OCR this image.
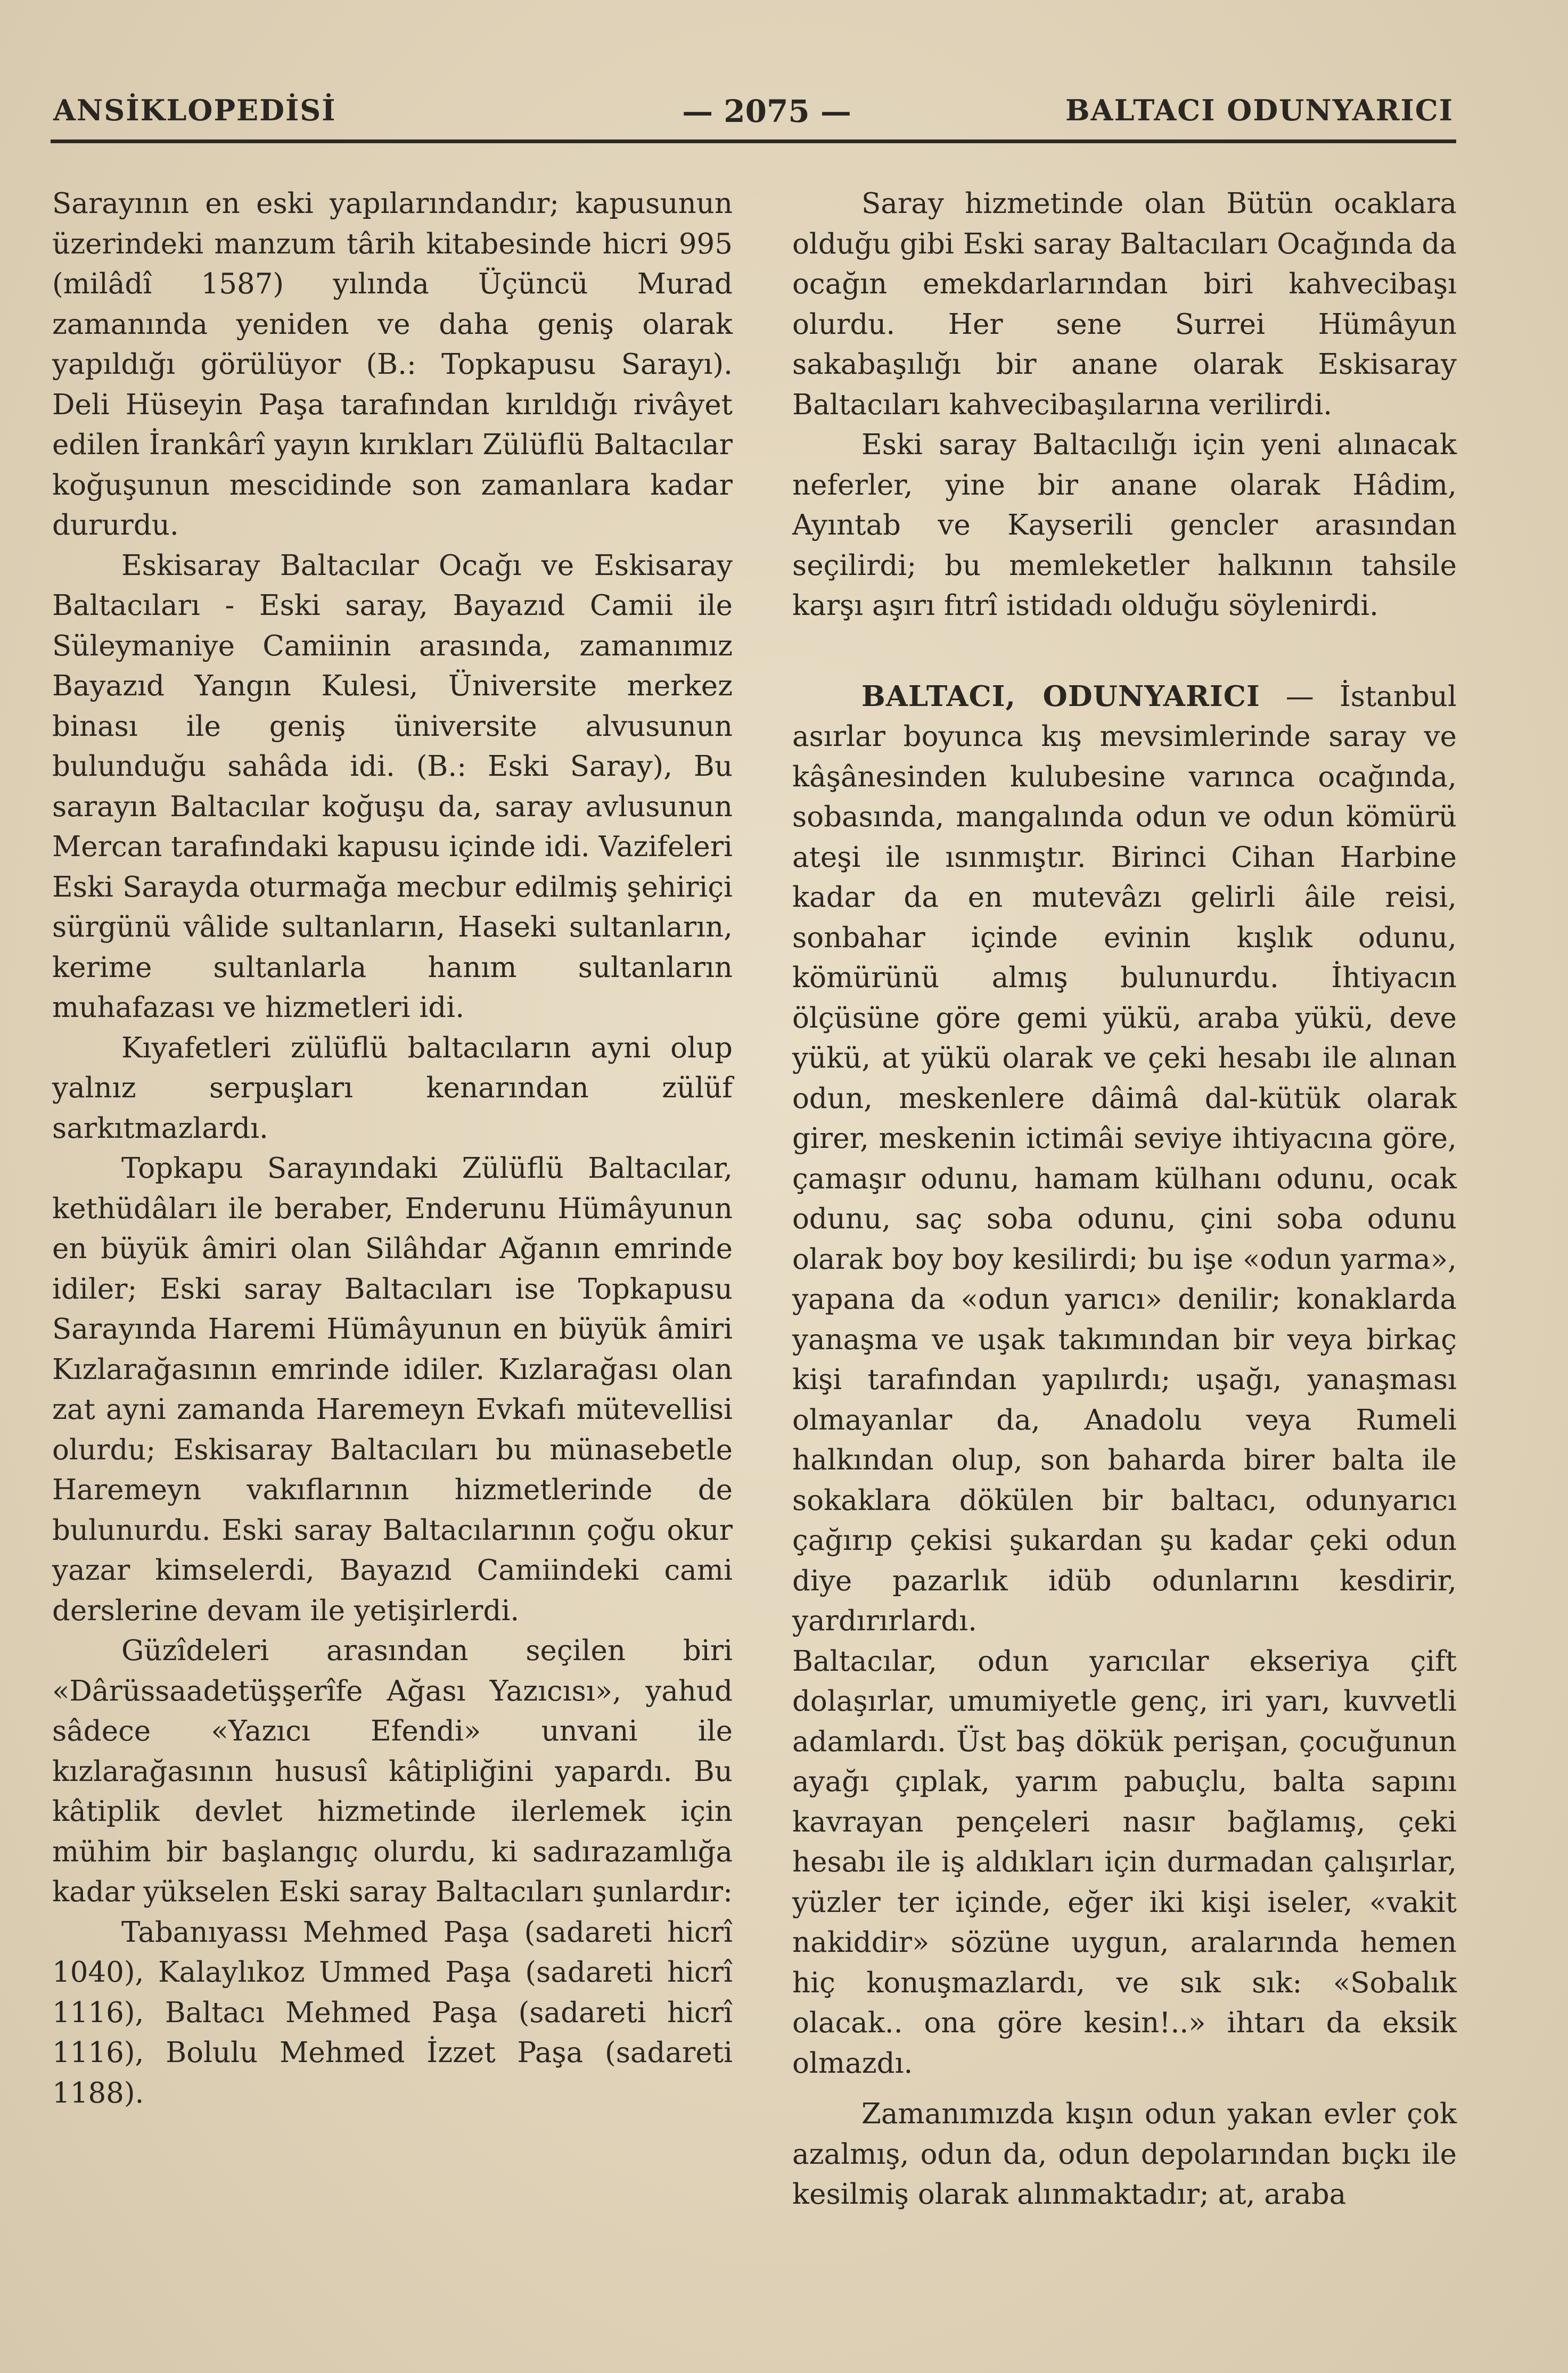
ANSİKLOPEDİSİ	— 2075 —	BALTACI ODUNYARICI

Sarayının en eski yapılarındandır; kapusunun üzerindeki manzum târih kitabesinde hicri 995 (milâdî 1587) yılında Üçüncü Murad zamanında yeniden ve daha geniş olarak yapıldığı görülüyor (B.: Topkapusu Sarayı). Deli Hüseyin Paşa tarafından kırıldığı rivâyet edilen İrankârî yayın kırıkları Zülüflü Baltacılar koğuşunun mescidinde son zamanlara kadar dururdu.

Eskisaray Baltacılar Ocağı ve Eskisaray Baltacıları - Eski saray, Bayazıd Camii ile Süleymaniye Camiinin arasında, zamanımız Bayazıd Yangın Kulesi, Üniversite merkez binası ile geniş üniversite alvusunun bulunduğu sahâda idi. (B.: Eski Saray), Bu sarayın Baltacılar koğuşu da, saray avlusunun Mercan tarafındaki kapusu içinde idi. Vazifeleri Eski Sarayda oturmağa mecbur edilmiş şehiriçi sürgünü vâlide sultanların, Haseki sultanların, kerime sultanlarla hanım sultanların muhafazası ve hizmetleri idi.

Kıyafetleri zülüflü baltacıların ayni olup yalnız serpuşları kenarından zülüf sarkıtmazlardı.

Topkapu Sarayındaki Zülüflü Baltacılar, kethüdâları ile beraber, Enderunu Hümâyunun en büyük âmiri olan Silâhdar Ağanın emrinde idiler; Eski saray Baltacıları ise Topkapusu Sarayında Haremi Hümâyunun en büyük âmiri Kızlarağasının emrinde idiler. Kızlarağası olan zat ayni zamanda Haremeyn Evkafı mütevellisi olurdu; Eskisaray Baltacıları bu münasebetle Haremeyn vakıflarının hizmetlerinde de bulunurdu. Eski saray Baltacılarının çoğu okur yazar kimselerdi, Bayazıd Camiindeki cami derslerine devam ile yetişirlerdi.

Güzîdeleri arasından seçilen biri «Dârüssaadetüşşerîfe Ağası Yazıcısı», yahud sâdece «Yazıcı Efendi» unvani ile kızlarağasının hususî kâtipliğini yapardı. Bu kâtiplik devlet hizmetinde ilerlemek için mühim bir başlangıç olurdu, ki sadırazamlığa kadar yükselen Eski saray Baltacıları şunlardır:

Tabanıyassı Mehmed Paşa (sadareti hicrî 1040), Kalaylıkoz Ummed Paşa (sadareti hicrî 1116), Baltacı Mehmed Paşa (sadareti hicrî 1116), Bolulu Mehmed İzzet Paşa (sadareti 1188).

Saray hizmetinde olan Bütün ocaklara olduğu gibi Eski saray Baltacıları Ocağında da ocağın emekdarlarından biri kahvecibaşı olurdu. Her sene Surrei Hümâyun sakabaşılığı bir anane olarak Eskisaray Baltacıları kahvecibaşılarına verilirdi.

Eski saray Baltacılığı için yeni alınacak neferler, yine bir anane olarak Hâdim, Ayıntab ve Kayserili gencler arasından seçilirdi; bu memleketler halkının tahsile karşı aşırı fıtrî istidadı olduğu söylenirdi.

BALTACI, ODUNYARICI — İstanbul asırlar boyunca kış mevsimlerinde saray ve kâşânesinden kulubesine varınca ocağında, sobasında, mangalında odun ve odun kömürü ateşi ile ısınmıştır. Birinci Cihan Harbine kadar da en mutevâzı gelirli âile reisi, sonbahar içinde evinin kışlık odunu, kömürünü almış bulunurdu. İhtiyacın ölçüsüne göre gemi yükü, araba yükü, deve yükü, at yükü olarak ve çeki hesabı ile alınan odun, meskenlere dâimâ dal-kütük olarak girer, meskenin ictimâi seviye ihtiyacına göre, çamaşır odunu, hamam külhanı odunu, ocak odunu, saç soba odunu, çini soba odunu olarak boy boy kesilirdi; bu işe «odun yarma», yapana da «odun yarıcı» denilir; konaklarda yanaşma ve uşak takımından bir veya birkaç kişi tarafından yapılırdı; uşağı, yanaşması olmayanlar da, Anadolu veya Rumeli halkından olup, son baharda birer balta ile sokaklara dökülen bir baltacı, odunyarıcı çağırıp çekisi şukardan şu kadar çeki odun diye pazarlık idüb odunlarını kesdirir, yardırırlardı.

Baltacılar, odun yarıcılar ekseriya çift dolaşırlar, umumiyetle genç, iri yarı, kuvvetli adamlardı. Üst baş dökük perişan, çocuğunun ayağı çıplak, yarım pabuçlu, balta sapını kavrayan pençeleri nasır bağlamış, çeki hesabı ile iş aldıkları için durmadan çalışırlar, yüzler ter içinde, eğer iki kişi iseler, «vakit nakiddir» sözüne uygun, aralarında hemen hiç konuşmazlardı, ve sık sık: «Sobalık olacak.. ona göre kesin!..» ihtarı da eksik olmazdı.

Zamanımızda kışın odun yakan evler çok azalmış, odun da, odun depolarından bıçkı ile kesilmiş olarak alınmaktadır; at, araba
